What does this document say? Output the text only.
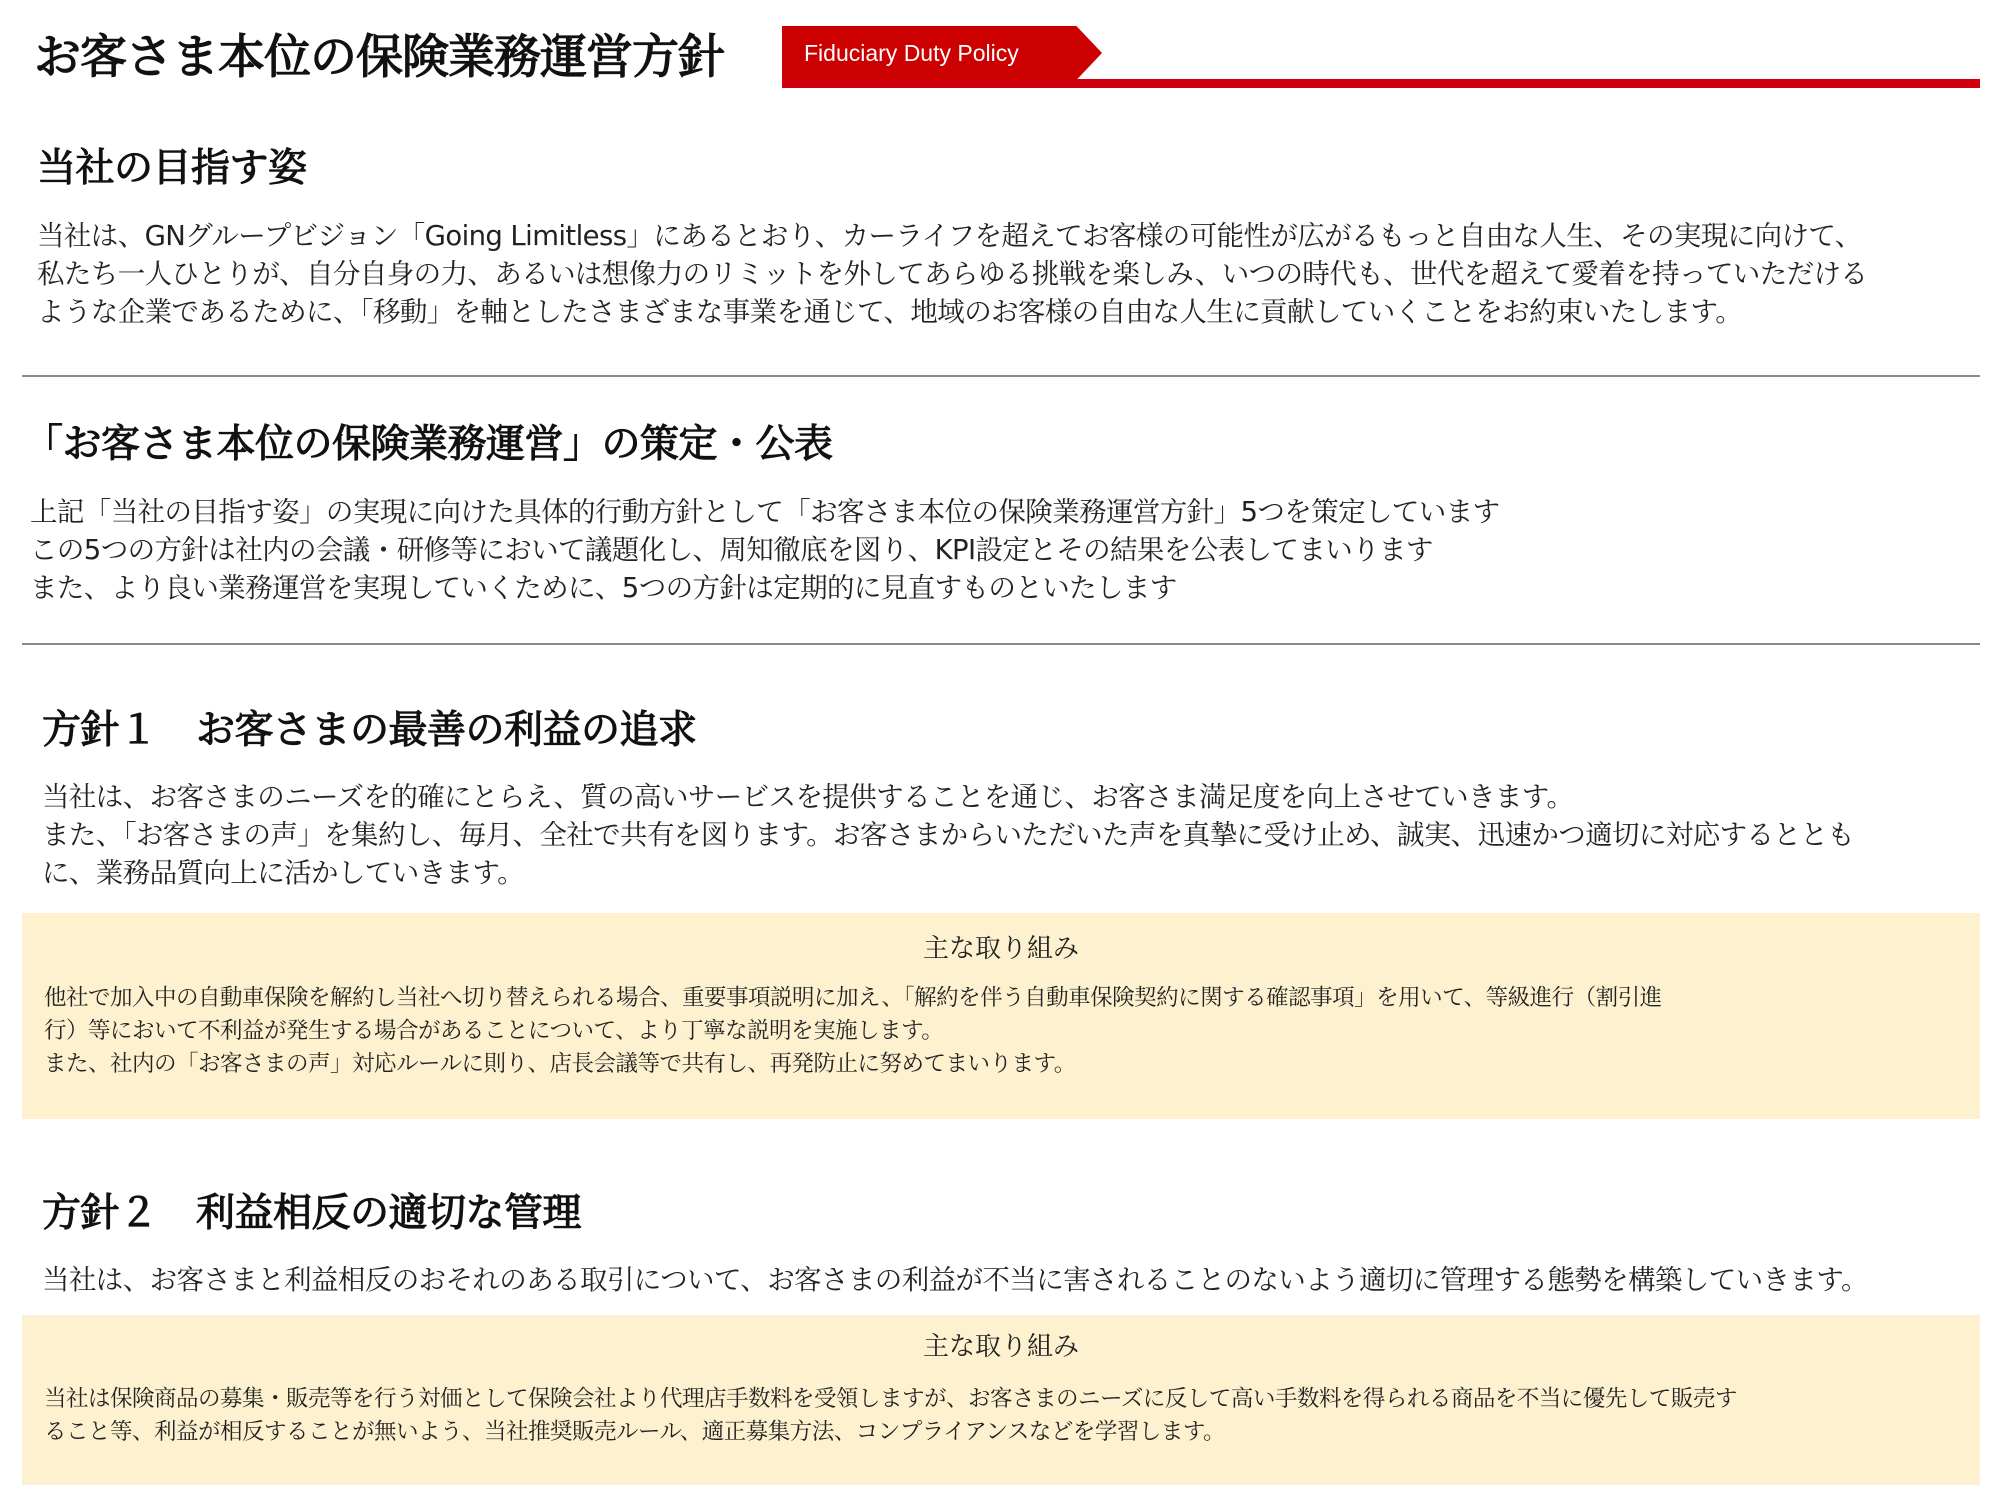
お客さま本位の保険業務運営方針	Fiduciary Duty Policy
当社の目指す姿

当社は、GNグループビジョン「Going Limitless」にあるとおり、カーライフを超えてお客様の可能性が広がるもっと自由な人生、その実現に向けて、
私たち一人ひとりが、自分自身の力、あるいは想像力のリミットを外してあらゆる挑戦を楽しみ、いつの時代も、世代を超えて愛着を持っていただける
ような企業であるために、「移動」を軸としたさまざまな事業を通じて、地域のお客様の自由な人生に貢献していくことをお約束いたします。

「お客さま本位の保険業務運営」の策定・公表

上記「当社の目指す姿」の実現に向けた具体的行動方針として「お客さま本位の保険業務運営方針」5つを策定しています
この5つの方針は社内の会議・研修等において議題化し、周知徹底を図り、KPI設定とその結果を公表してまいります
また、より良い業務運営を実現していくために、5つの方針は定期的に見直すものといたします

方針１　お客さまの最善の利益の追求

当社は、お客さまのニーズを的確にとらえ、質の高いサービスを提供することを通じ、お客さま満足度を向上させていきます。
また、「お客さまの声」を集約し、毎月、全社で共有を図ります。お客さまからいただいた声を真摯に受け止め、誠実、迅速かつ適切に対応するととも
に、業務品質向上に活かしていきます。

主な取り組み

他社で加入中の自動車保険を解約し当社へ切り替えられる場合、重要事項説明に加え、「解約を伴う自動車保険契約に関する確認事項」を用いて、等級進行（割引進
行）等において不利益が発生する場合があることについて、より丁寧な説明を実施します。
また、社内の「お客さまの声」対応ルールに則り、店長会議等で共有し、再発防止に努めてまいります。

方針２　利益相反の適切な管理

当社は、お客さまと利益相反のおそれのある取引について、お客さまの利益が不当に害されることのないよう適切に管理する態勢を構築していきます。

主な取り組み

当社は保険商品の募集・販売等を行う対価として保険会社より代理店手数料を受領しますが、お客さまのニーズに反して高い手数料を得られる商品を不当に優先して販売す
ること等、利益が相反することが無いよう、当社推奨販売ルール、適正募集方法、コンプライアンスなどを学習します。
